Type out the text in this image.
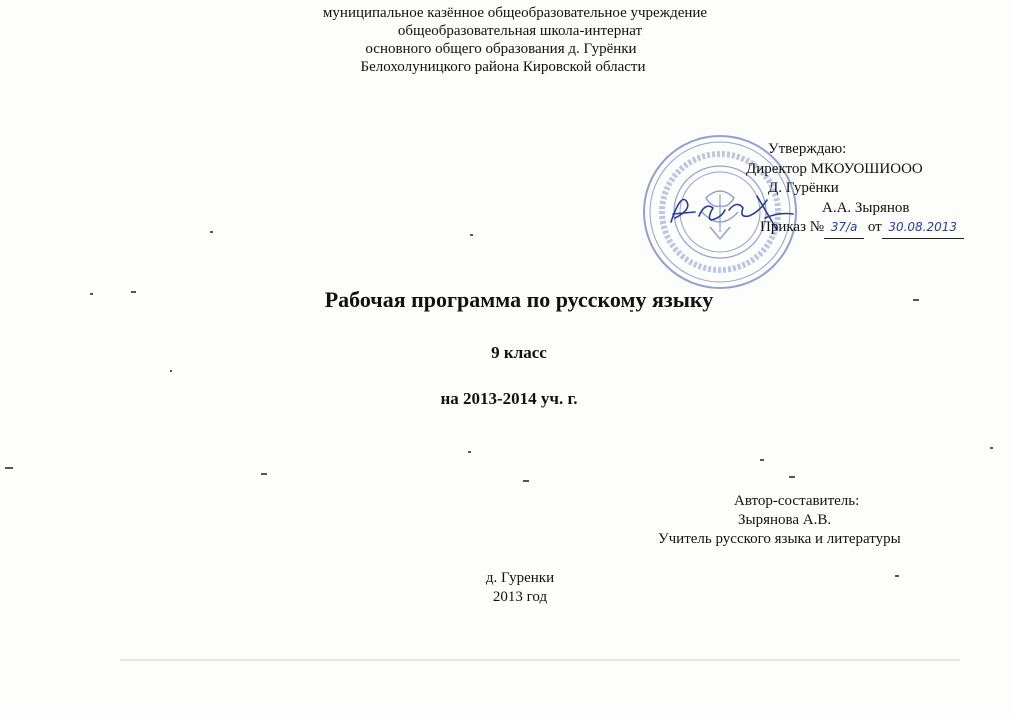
муниципальное казённое общеобразовательное учреждение
общеобразовательная школа-интернат
основного общего образования д. Гурёнки
Белохолуницкого района Кировской области
Утверждаю:
Директор МКОУОШИООО
Д. Гурёнки
А.А. Зырянов
Приказ № 37/а от 30.08.2013
Рабочая программа по русскому языку
9 класс
на 2013-2014 уч. г.
Автор-составитель:
Зырянова А.В.
Учитель русского языка и литературы
д. Гуренки
2013 год
